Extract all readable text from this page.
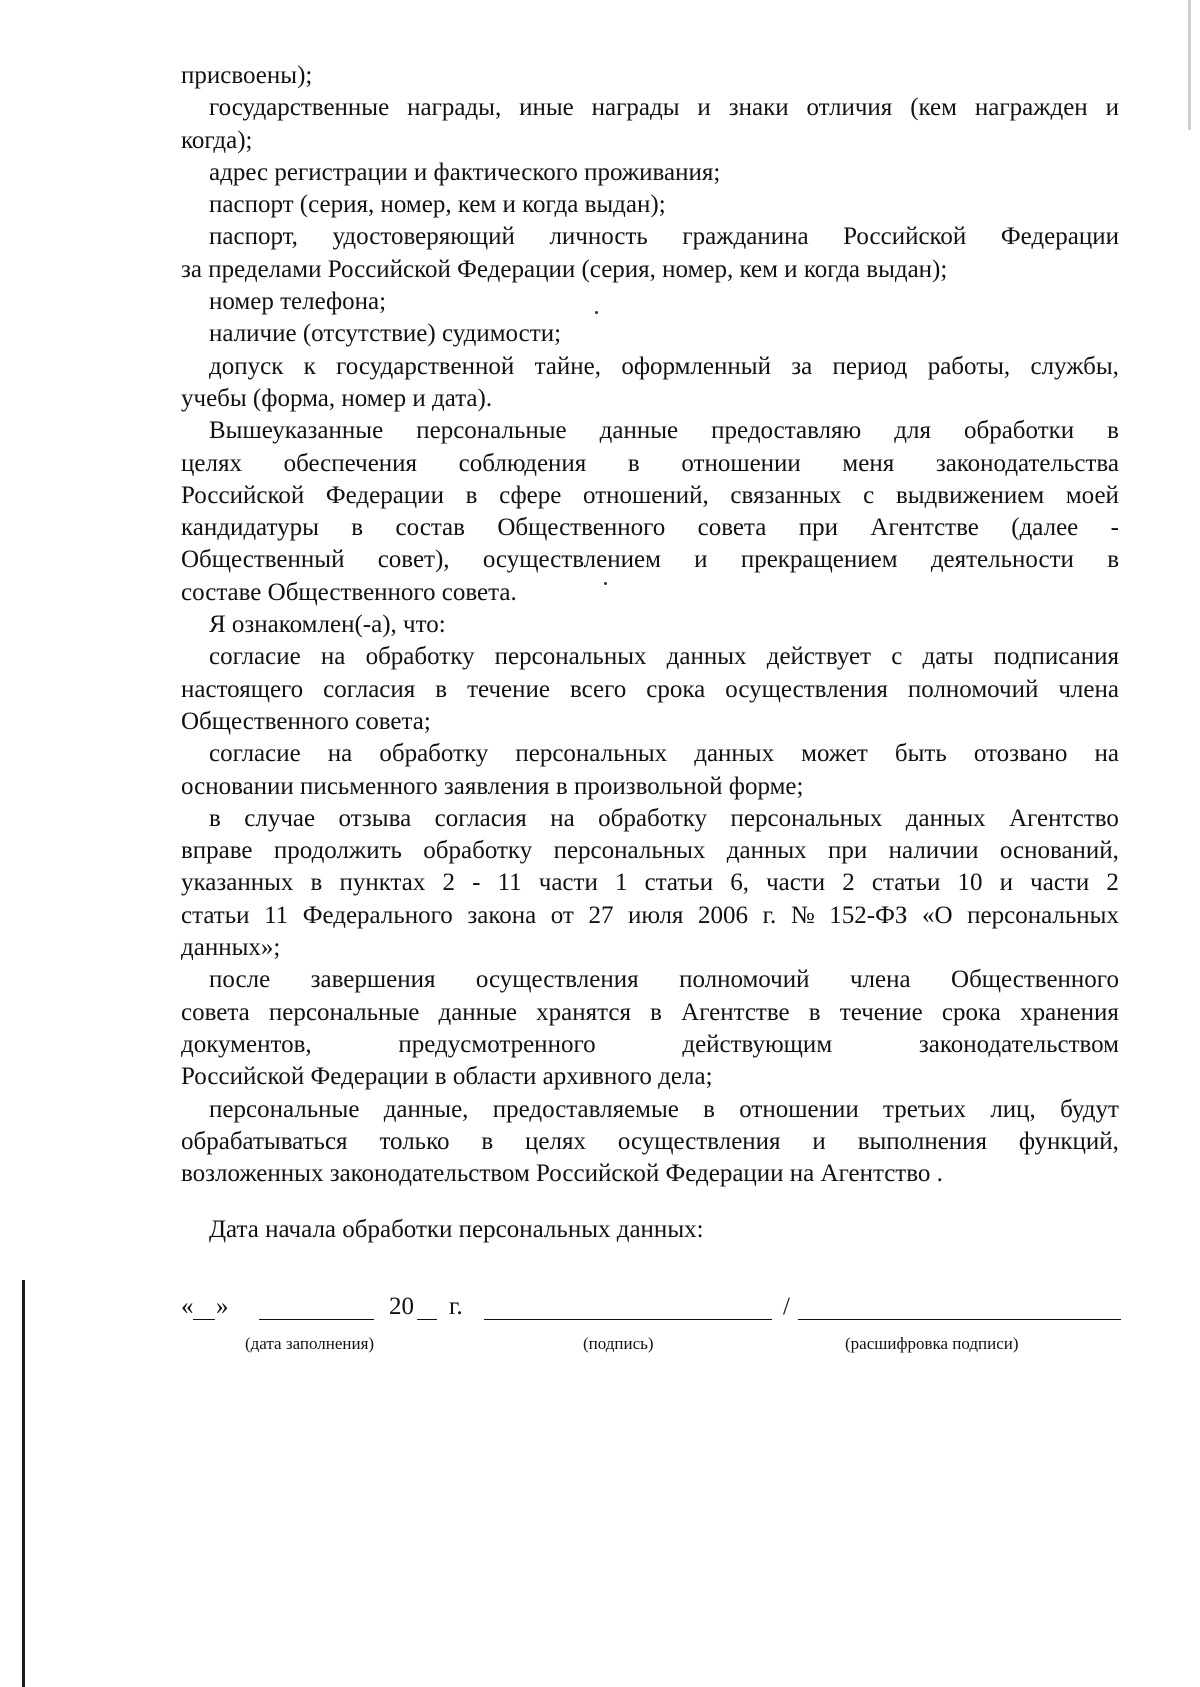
присвоены);
государственные награды, иные награды и знаки отличия (кем награжден и
когда);
адрес регистрации и фактического проживания;
паспорт (серия, номер, кем и когда выдан);
паспорт, удостоверяющий личность гражданина Российской Федерации
за пределами Российской Федерации (серия, номер, кем и когда выдан);
номер телефона;
наличие (отсутствие) судимости;
допуск к государственной тайне, оформленный за период работы, службы,
учебы (форма, номер и дата).
Вышеуказанные персональные данные предоставляю для обработки в
целях обеспечения соблюдения в отношении меня законодательства
Российской Федерации в сфере отношений, связанных с выдвижением моей
кандидатуры в состав Общественного совета при Агентстве (далее -
Общественный совет), осуществлением и прекращением деятельности в
составе Общественного совета.
Я ознакомлен(-а), что:
согласие на обработку персональных данных действует с даты подписания
настоящего согласия в течение всего срока осуществления полномочий члена
Общественного совета;
согласие на обработку персональных данных может быть отозвано на
основании письменного заявления в произвольной форме;
в случае отзыва согласия на обработку персональных данных Агентство
вправе продолжить обработку персональных данных при наличии оснований,
указанных в пунктах 2 - 11 части 1 статьи 6, части 2 статьи 10 и части 2
статьи 11 Федерального закона от 27 июля 2006 г. № 152-ФЗ «О персональных
данных»;
после завершения осуществления полномочий члена Общественного
совета персональные данные хранятся в Агентстве в течение срока хранения
документов,	предусмотренного	действующим	законодательством
Российской Федерации в области архивного дела;
персональные данные, предоставляемые в отношении третьих лиц, будут
обрабатываться только в целях осуществления и выполнения функций,
возложенных законодательством Российской Федерации на Агентство .
Дата начала обработки персональных данных:
« »	20 г.	/
(дата заполнения)	(подпись)	(расшифровка подписи)
